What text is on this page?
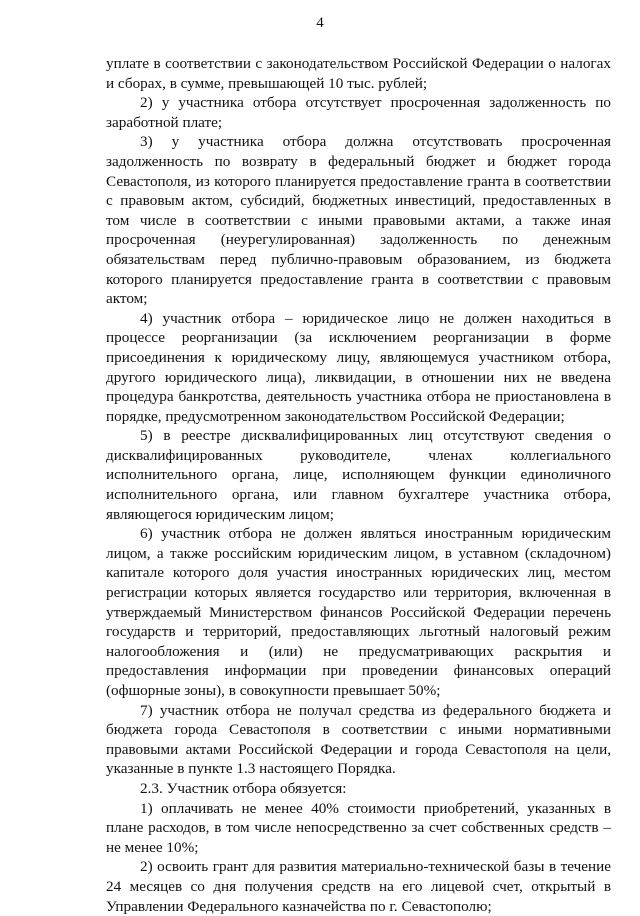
4

уплате в соответствии с законодательством Российской Федерации о налогах и сборах, в сумме, превышающей 10 тыс. рублей;

2) у участника отбора отсутствует просроченная задолженность по заработной плате;

3) у участника отбора должна отсутствовать просроченная задолженность по возврату в федеральный бюджет и бюджет города Севастополя, из которого планируется предоставление гранта в соответствии с правовым актом, субсидий, бюджетных инвестиций, предоставленных в том числе в соответствии с иными правовыми актами, а также иная просроченная (неурегулированная) задолженность по денежным обязательствам перед публично-правовым образованием, из бюджета которого планируется предоставление гранта в соответствии с правовым актом;

4) участник отбора – юридическое лицо не должен находиться в процессе реорганизации (за исключением реорганизации в форме присоединения к юридическому лицу, являющемуся участником отбора, другого юридического лица), ликвидации, в отношении них не введена процедура банкротства, деятельность участника отбора не приостановлена в порядке, предусмотренном законодательством Российской Федерации;

5) в реестре дисквалифицированных лиц отсутствуют сведения о дисквалифицированных руководителе, членах коллегиального исполнительного органа, лице, исполняющем функции единоличного исполнительного органа, или главном бухгалтере участника отбора, являющегося юридическим лицом;

6) участник отбора не должен являться иностранным юридическим лицом, а также российским юридическим лицом, в уставном (складочном) капитале которого доля участия иностранных юридических лиц, местом регистрации которых является государство или территория, включенная в утверждаемый Министерством финансов Российской Федерации перечень государств и территорий, предоставляющих льготный налоговый режим налогообложения и (или) не предусматривающих раскрытия и предоставления информации при проведении финансовых операций (офшорные зоны), в совокупности превышает 50%;

7) участник отбора не получал средства из федерального бюджета и бюджета города Севастополя в соответствии с иными нормативными правовыми актами Российской Федерации и города Севастополя на цели, указанные в пункте 1.3 настоящего Порядка.

2.3. Участник отбора обязуется:

1) оплачивать не менее 40% стоимости приобретений, указанных в плане расходов, в том числе непосредственно за счет собственных средств – не менее 10%;

2) освоить грант для развития материально-технической базы в течение 24 месяцев со дня получения средств на его лицевой счет, открытый в Управлении Федерального казначейства по г. Севастополю;
